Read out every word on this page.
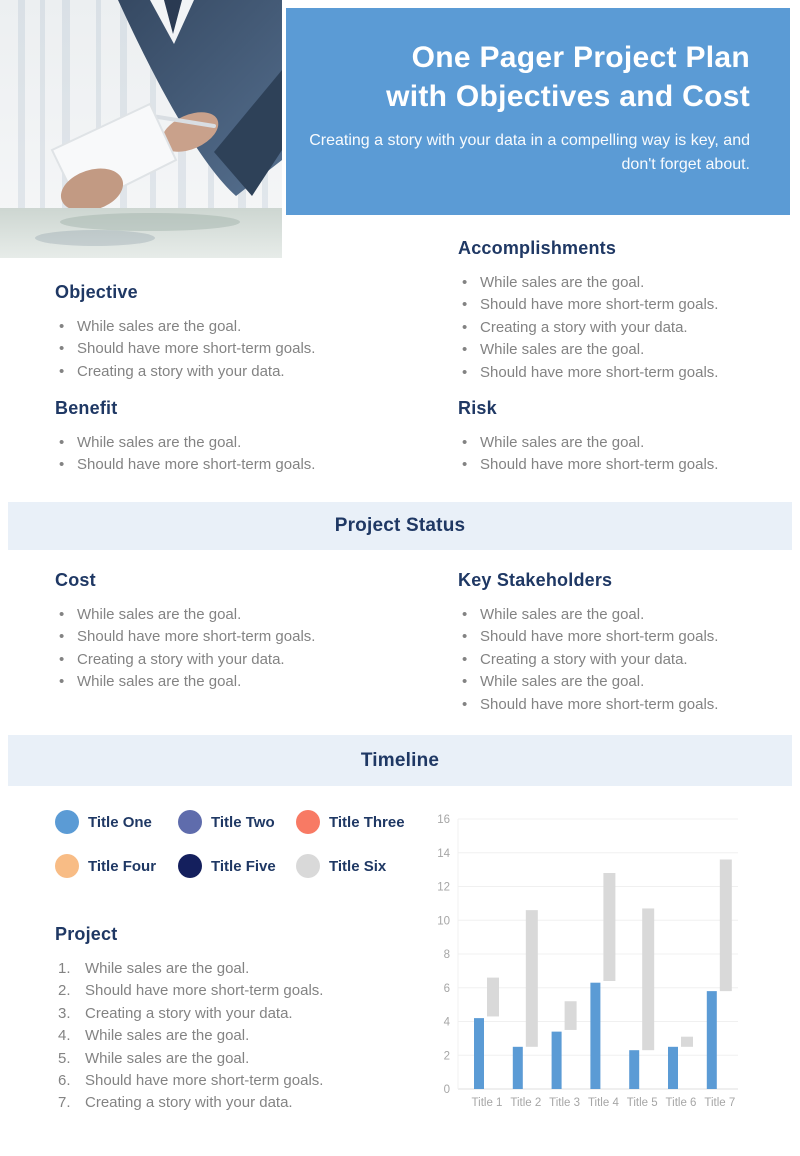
One Pager Project Plan
with Objectives and Cost
Creating a story with your data in a compelling way is key, and don't forget about.
Objective
• While sales are the goal.
• Should have more short-term goals.
• Creating a story with your data.
Accomplishments
• While sales are the goal.
• Should have more short-term goals.
• Creating a story with your data.
• While sales are the goal.
• Should have more short-term goals.
Benefit
• While sales are the goal.
• Should have more short-term goals.
Risk
• While sales are the goal.
• Should have more short-term goals.
Project Status
Cost
• While sales are the goal.
• Should have more short-term goals.
• Creating a story with your data.
• While sales are the goal.
Key Stakeholders
• While sales are the goal.
• Should have more short-term goals.
• Creating a story with your data.
• While sales are the goal.
• Should have more short-term goals.
Timeline
Title One	Title Two	Title Three
Title Four	Title Five	Title Six
Project
1. While sales are the goal.
2. Should have more short-term goals.
3. Creating a story with your data.
4. While sales are the goal.
5. While sales are the goal.
6. Should have more short-term goals.
7. Creating a story with your data.
0
2
4
6
8
10
12
14
16
Title 1 Title 2 Title 3 Title 4 Title 5 Title 6 Title 7
